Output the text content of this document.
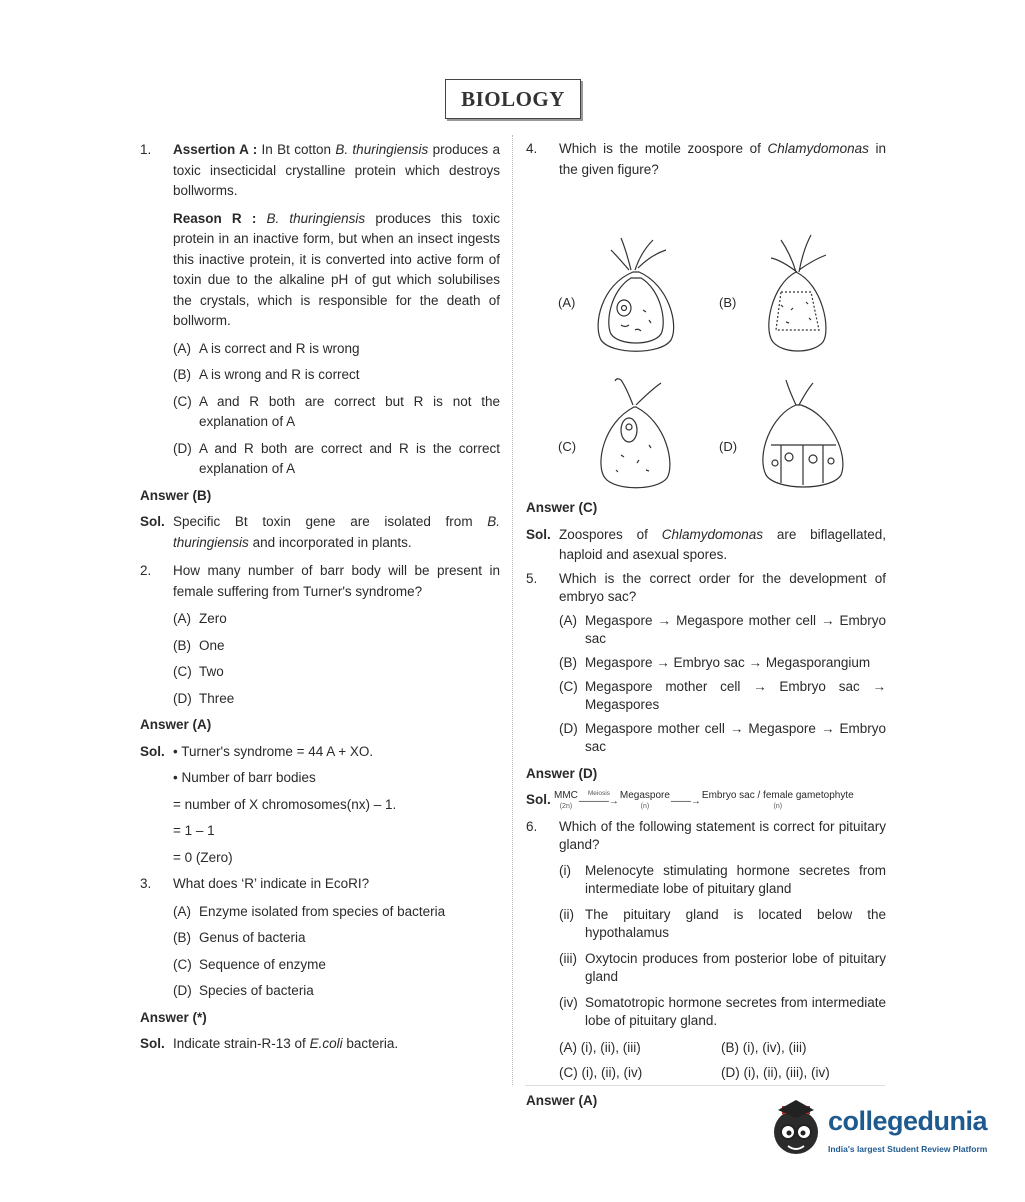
BIOLOGY
1.	Assertion A : In Bt cotton B. thuringiensis produces a toxic insecticidal crystalline protein which destroys bollworms.
Reason R : B. thuringiensis produces this toxic protein in an inactive form, but when an insect ingests this inactive protein, it is converted into active form of toxin due to the alkaline pH of gut which solubilises the crystals, which is responsible for the death of bollworm.
(A) A is correct and R is wrong
(B) A is wrong and R is correct
(C) A and R both are correct but R is not the explanation of A
(D) A and R both are correct and R is the correct explanation of A
Answer (B)
Sol. Specific Bt toxin gene are isolated from B. thuringiensis and incorporated in plants.
2.	How many number of barr body will be present in female suffering from Turner's syndrome?
(A) Zero
(B) One
(C) Two
(D) Three
Answer (A)
Sol. • Turner's syndrome = 44 A + XO.
• Number of barr bodies
= number of X chromosomes(nx) – 1.
= 1 – 1
= 0 (Zero)
3.	What does ‘R’ indicate in EcoRI?
(A) Enzyme isolated from species of bacteria
(B) Genus of bacteria
(C) Sequence of enzyme
(D) Species of bacteria
Answer (*)
Sol. Indicate strain-R-13 of E.coli bacteria.
4.	Which is the motile zoospore of Chlamydomonas in the given figure?
(A)	(B)
(C)	(D)
Answer (C)
Sol. Zoospores of Chlamydomonas are biflagellated, haploid and asexual spores.
5.	Which is the correct order for the development of embryo sac?
(A) Megaspore → Megaspore mother cell → Embryo sac
(B) Megaspore → Embryo sac → Megasporangium
(C) Megaspore mother cell → Embryo sac → Megaspores
(D) Megaspore mother cell → Megaspore → Embryo sac
Answer (D)
Sol. MMC
(2n)
Meiosis
———→
Megaspore
(n)
——→
Embryo sac / female gametophyte
(n)
6.	Which of the following statement is correct for pituitary gland?
(i)	Melenocyte stimulating hormone secretes from intermediate lobe of pituitary gland
(ii) The pituitary gland is located below the hypothalamus
(iii) Oxytocin produces from posterior lobe of pituitary gland
(iv) Somatotropic hormone secretes from intermediate lobe of pituitary gland.
(A) (i), (ii), (iii)	(B) (i), (iv), (iii)
(C) (i), (ii), (iv)	(D) (i), (ii), (iii), (iv)
Answer (A)
collegedunia
India's largest Student Review Platform
